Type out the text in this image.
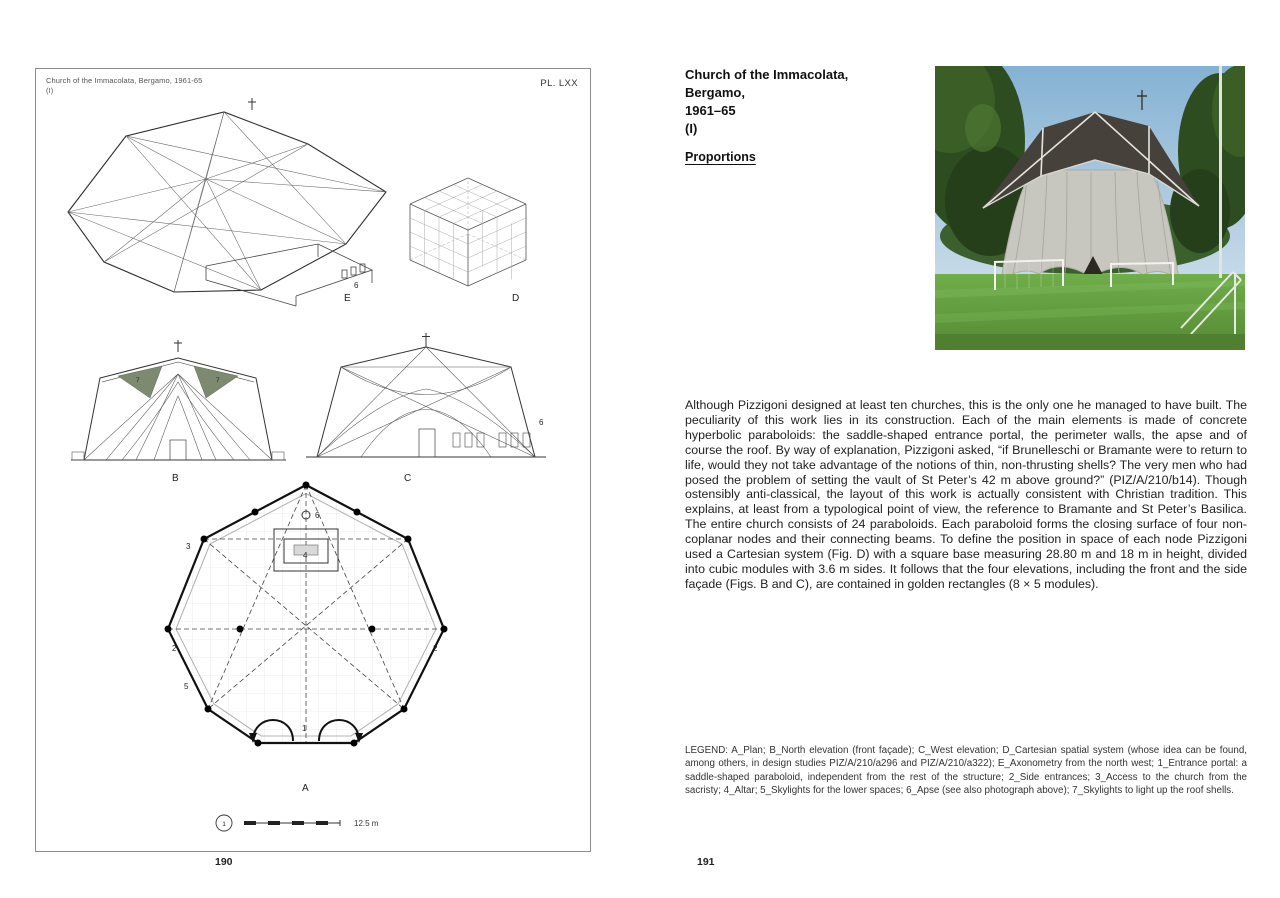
Church of the Immacolata, Bergamo, 1961-65
(I)
PL. LXX
6
E	D
7	7
B
6
C
3
6
4
2	2
5
1
A
1	12.5 m
190
Church of the Immacolata,
Bergamo,
1961–65
(I)
Proportions
Although Pizzigoni designed at least ten churches, this is the only one he managed to have built. The peculiarity of this work lies in its construction. Each of the main elements is made of concrete hyperbolic paraboloids: the saddle-shaped entrance portal, the perimeter walls, the apse and of course the roof. By way of explanation, Pizzigoni asked, “if Brunelleschi or Bramante were to return to life, would they not take advantage of the notions of thin, non-thrusting shells? The very men who had posed the problem of setting the vault of St Peter’s 42 m above ground?” (PIZ/A/210/b14). Though ostensibly anti-classical, the layout of this work is actually consistent with Christian tradition. This explains, at least from a typological point of view, the reference to Bramante and St Peter’s Basilica. The entire church consists of 24 paraboloids. Each paraboloid forms the closing surface of four non-coplanar nodes and their connecting beams. To define the position in space of each node Pizzigoni used a Cartesian system (Fig. D) with a square base measuring 28.80 m and 18 m in height, divided into cubic modules with 3.6 m sides. It follows that the four elevations, including the front and the side façade (Figs. B and C), are contained in golden rectangles (8 × 5 modules).
LEGEND: A_Plan; B_North elevation (front façade); C_West elevation; D_Cartesian spatial system (whose idea can be found, among others, in design studies PIZ/A/210/a296 and PIZ/A/210/a322); E_Axonometry from the north west; 1_Entrance portal: a saddle-shaped paraboloid, independent from the rest of the structure; 2_Side entrances; 3_Access to the church from the sacristy; 4_Altar; 5_Skylights for the lower spaces; 6_Apse (see also photograph above); 7_Skylights to light up the roof shells.
191
